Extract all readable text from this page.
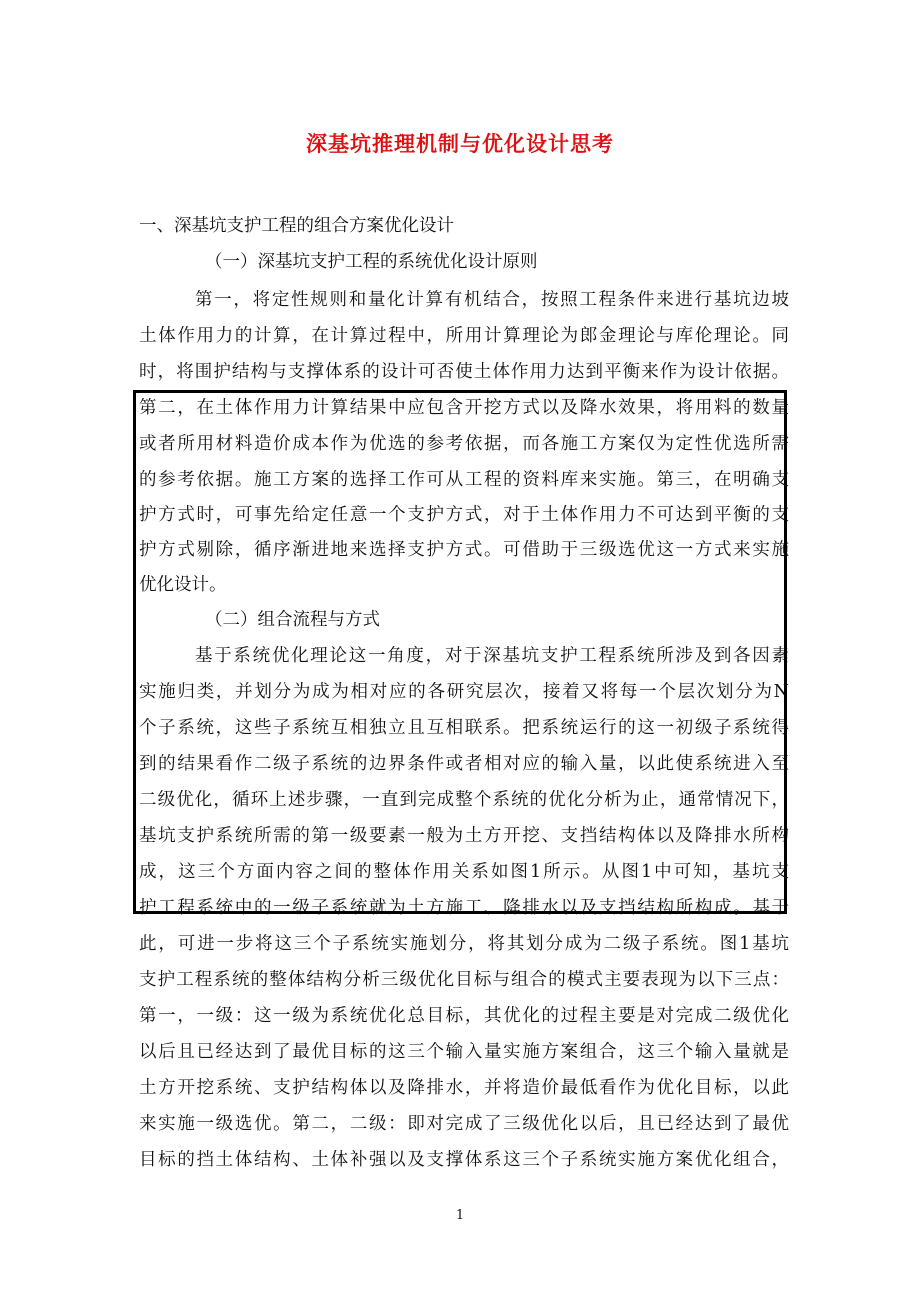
深基坑推理机制与优化设计思考
一、深基坑支护工程的组合方案优化设计
（一）深基坑支护工程的系统优化设计原则
第一，将定性规则和量化计算有机结合，按照工程条件来进行基坑边坡
土体作用力的计算，在计算过程中，所用计算理论为郎金理论与库伦理论。同
时，将围护结构与支撑体系的设计可否使土体作用力达到平衡来作为设计依据。
第二，在土体作用力计算结果中应包含开挖方式以及降水效果，将用料的数量
或者所用材料造价成本作为优选的参考依据，而各施工方案仅为定性优选所需
的参考依据。施工方案的选择工作可从工程的资料库来实施。第三，在明确支
护方式时，可事先给定任意一个支护方式，对于土体作用力不可达到平衡的支
护方式剔除，循序渐进地来选择支护方式。可借助于三级选优这一方式来实施
优化设计。
（二）组合流程与方式
基于系统优化理论这一角度，对于深基坑支护工程系统所涉及到各因素
实施归类，并划分为成为相对应的各研究层次，接着又将每一个层次划分为N
个子系统，这些子系统互相独立且互相联系。把系统运行的这一初级子系统得
到的结果看作二级子系统的边界条件或者相对应的输入量，以此使系统进入至
二级优化，循环上述步骤，一直到完成整个系统的优化分析为止，通常情况下，
基坑支护系统所需的第一级要素一般为土方开挖、支挡结构体以及降排水所构
成，这三个方面内容之间的整体作用关系如图1所示。从图1中可知，基坑支
护工程系统中的一级子系统就为土方施工、降排水以及支挡结构所构成。基于
此，可进一步将这三个子系统实施划分，将其划分成为二级子系统。图1基坑
支护工程系统的整体结构分析三级优化目标与组合的模式主要表现为以下三点：
第一，一级：这一级为系统优化总目标，其优化的过程主要是对完成二级优化
以后且已经达到了最优目标的这三个输入量实施方案组合，这三个输入量就是
土方开挖系统、支护结构体以及降排水，并将造价最低看作为优化目标，以此
来实施一级选优。第二，二级：即对完成了三级优化以后，且已经达到了最优
目标的挡土体结构、土体补强以及支撑体系这三个子系统实施方案优化组合，
1
